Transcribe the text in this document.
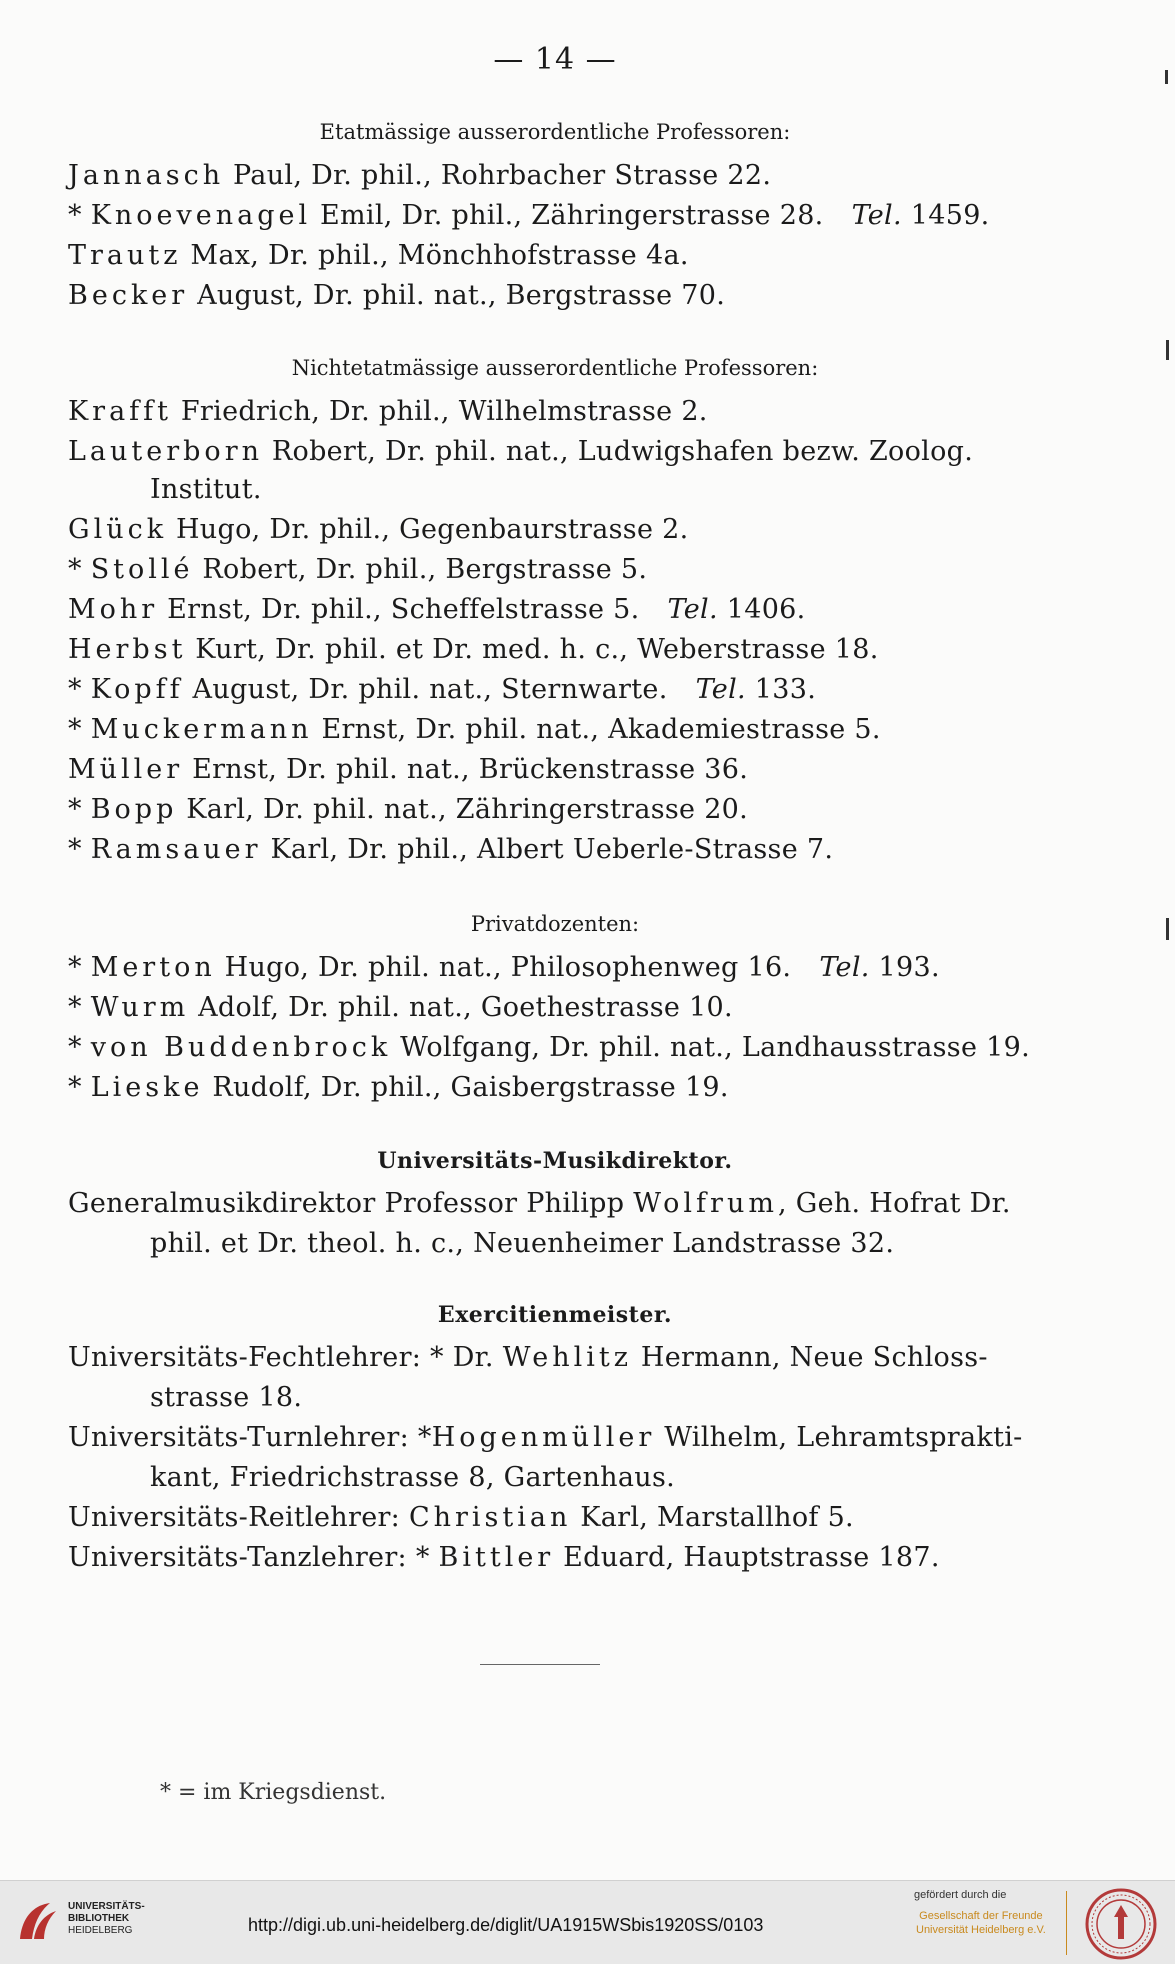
— 14 —
Etatmässige ausserordentliche Professoren:
Jannasch Paul, Dr. phil., Rohrbacher Strasse 22.
* Knoevenagel Emil, Dr. phil., Zähringerstrasse 28. Tel. 1459.
Trautz Max, Dr. phil., Mönchhofstrasse 4a.
Becker August, Dr. phil. nat., Bergstrasse 70.
Nichtetatmässige ausserordentliche Professoren:
Krafft Friedrich, Dr. phil., Wilhelmstrasse 2.
Lauterborn Robert, Dr. phil. nat., Ludwigshafen bezw. Zoolog.
Institut.
Glück Hugo, Dr. phil., Gegenbaurstrasse 2.
* Stollé Robert, Dr. phil., Bergstrasse 5.
Mohr Ernst, Dr. phil., Scheffelstrasse 5. Tel. 1406.
Herbst Kurt, Dr. phil. et Dr. med. h. c., Weberstrasse 18.
* Kopff August, Dr. phil. nat., Sternwarte. Tel. 133.
* Muckermann Ernst, Dr. phil. nat., Akademiestrasse 5.
Müller Ernst, Dr. phil. nat., Brückenstrasse 36.
* Bopp Karl, Dr. phil. nat., Zähringerstrasse 20.
* Ramsauer Karl, Dr. phil., Albert Ueberle-Strasse 7.
Privatdozenten:
* Merton Hugo, Dr. phil. nat., Philosophenweg 16. Tel. 193.
* Wurm Adolf, Dr. phil. nat., Goethestrasse 10.
* von Buddenbrock Wolfgang, Dr. phil. nat., Landhausstrasse 19.
* Lieske Rudolf, Dr. phil., Gaisbergstrasse 19.
Universitäts-Musikdirektor.
Generalmusikdirektor Professor Philipp Wolfrum, Geh. Hofrat Dr.
phil. et Dr. theol. h. c., Neuenheimer Landstrasse 32.
Exercitienmeister.
Universitäts-Fechtlehrer: * Dr. Wehlitz Hermann, Neue Schloss-
strasse 18.
Universitäts-Turnlehrer: *Hogenmüller Wilhelm, Lehramtsprakti-
kant, Friedrichstrasse 8, Gartenhaus.
Universitäts-Reitlehrer: Christian Karl, Marstallhof 5.
Universitäts-Tanzlehrer: * Bittler Eduard, Hauptstrasse 187.
* = im Kriegsdienst.
UNIVERSITÄTS-
BIBLIOTHEK
HEIDELBERG	http://digi.ub.uni-heidelberg.de/diglit/UA1915WSbis1920SS/0103
gefördert durch die
Gesellschaft der Freunde
Universität Heidelberg e.V.
